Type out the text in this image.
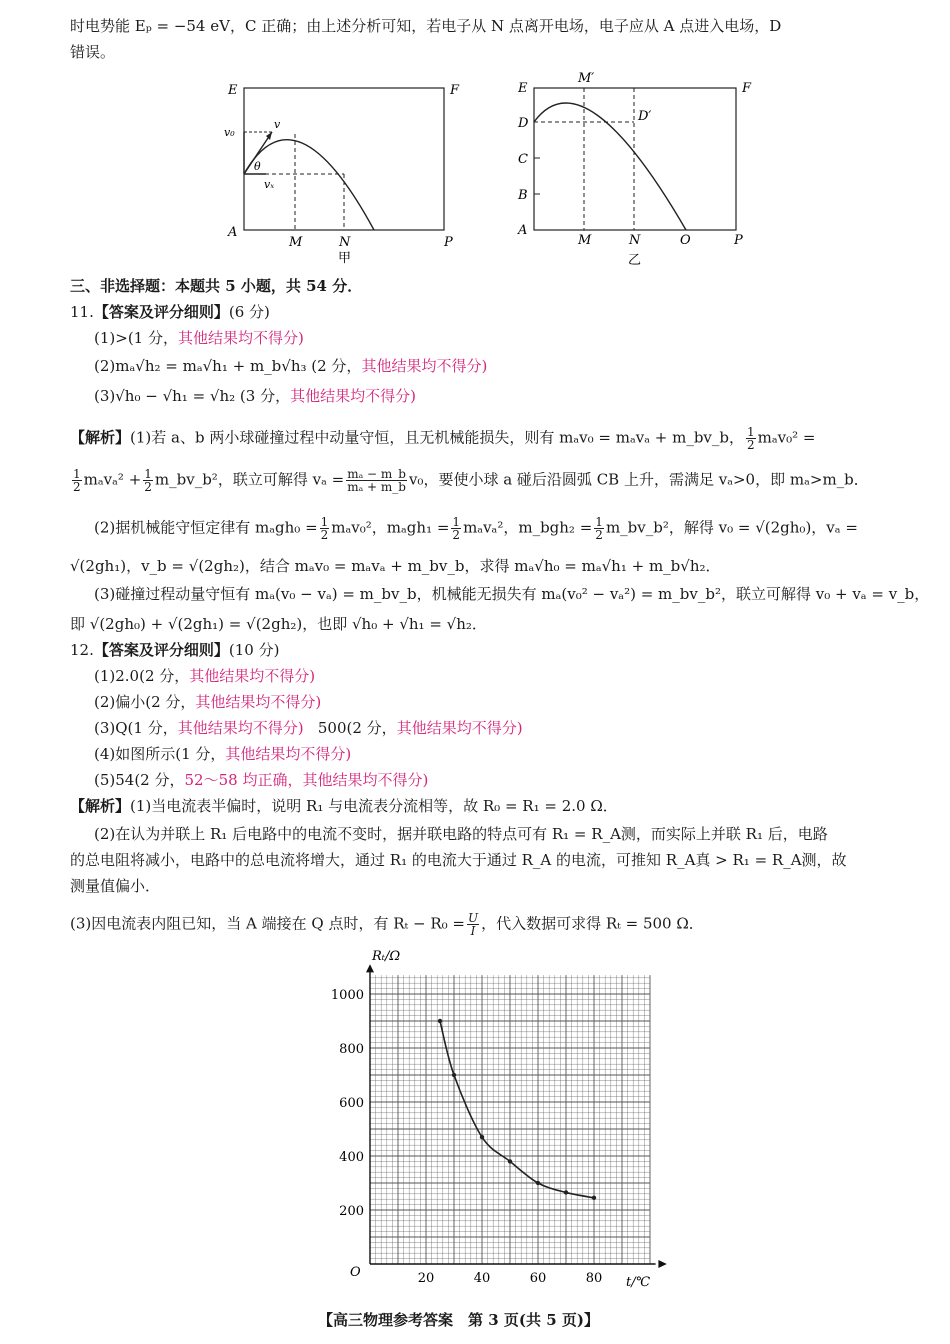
时电势能 Eₚ = −54 eV，C 正确；由上述分析可知，若电子从 N 点离开电场，电子应从 A 点进入电场，D
错误。
E	F
A
P
M	N
v₀
v
vₓ
θ
甲
E	F
D
C
B
A
M	N	O	P
M′
D′
乙
三、非选择题：本题共 5 小题，共 54 分．
11.【答案及评分细则】(6 分)
(1)>(1 分，其他结果均不得分)
(2)mₐ√h₂ = mₐ√h₁ + m_b√h₃ (2 分，其他结果均不得分)
(3)√h₀ − √h₁ = √h₂ (3 分，其他结果均不得分)
【解析】(1)若 a、b 两小球碰撞过程中动量守恒，且无机械能损失，则有 mₐv₀ = mₐvₐ + m_bv_b， $\frac{1}{2} m_av_0^2$ =
$\frac{1}{2} m_av_a^2 + \frac{1}{2}$ m_bv_b²，联立可解得 $v_a = \frac{\text{mₐ − m\_b}}{\text{mₐ + m\_b}} v_0$，要使小球 a 碰后沿圆弧 CB 上升，需满足 vₐ>0，即 mₐ>m_b．
(2)据机械能守恒定律有 $m_agh_0 = \frac{1}{2} m_av_0^2$，$m_agh_1 = \frac{1}{2} m_av_a^2$，m_bgh₂ = $\frac{1}{2}$ m_bv_b²，解得 v₀ = √(2gh₀)，vₐ =
√(2gh₁)，v_b = √(2gh₂)，结合 mₐv₀ = mₐvₐ + m_bv_b，求得 mₐ√h₀ = mₐ√h₁ + m_b√h₂．
(3)碰撞过程动量守恒有 mₐ(v₀ − vₐ) = m_bv_b，机械能无损失有 mₐ(v₀² − vₐ²) = m_bv_b²，联立可解得 v₀ + vₐ = v_b，
即 √(2gh₀) + √(2gh₁) = √(2gh₂)，也即 √h₀ + √h₁ = √h₂．
12.【答案及评分细则】(10 分)
(1)2.0(2 分，其他结果均不得分)
(2)偏小(2 分，其他结果均不得分)
(3)Q(1 分，其他结果均不得分) 500(2 分，其他结果均不得分)
(4)如图所示(1 分，其他结果均不得分)
(5)54(2 分，52～58 均正确，其他结果均不得分)
【解析】(1)当电流表半偏时，说明 R₁ 与电流表分流相等，故 R₀ = R₁ = 2.0 Ω．
(2)在认为并联上 R₁ 后电路中的电流不变时，据并联电路的特点可有 R₁ = R_A测，而实际上并联 R₁ 后，电路
的总电阻将减小，电路中的总电流将增大，通过 R₁ 的电流大于通过 R_A 的电流，可推知 R_A真 > R₁ = R_A测，故
测量值偏小．
(3)因电流表内阻已知，当 A 端接在 Q 点时，有 $R_t - R_0 = \frac{U}{I}$ ，代入数据可求得 Rₜ = 500 Ω．
20	40	60	80
200
400
600
800
1000
Rₜ/Ω
t/℃
O
【高三物理参考答案　第 3 页(共 5 页)】
